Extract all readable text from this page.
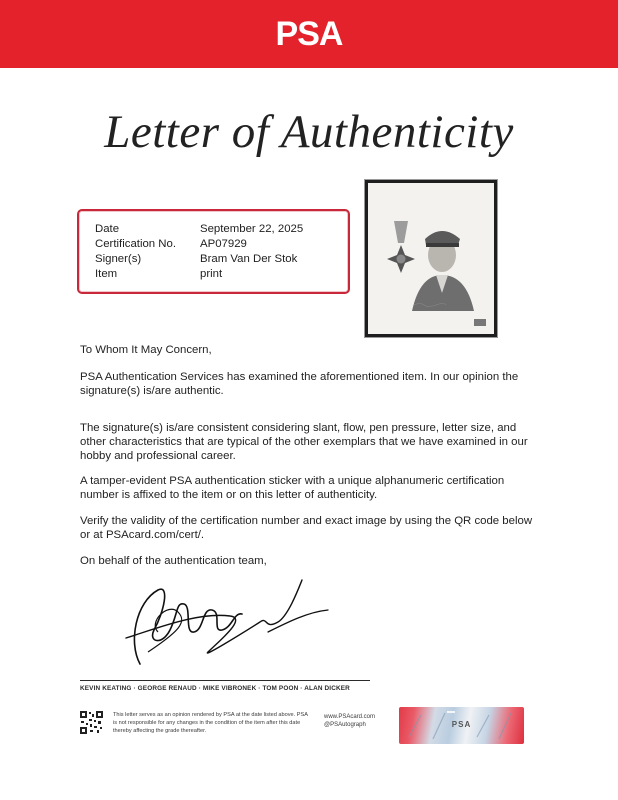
PSA
Letter of Authenticity
Date	September 22, 2025
Certification No.	AP07929
Signer(s)	Bram Van Der Stok
Item	print
To Whom It May Concern,
PSA Authentication Services has examined the aforementioned item. In our opinion the signature(s) is/are authentic.
The signature(s) is/are consistent considering slant, flow, pen pressure, letter size, and other characteristics that are typical of the other exemplars that we have examined in our hobby and professional career.
A tamper-evident PSA authentication sticker with a unique alphanumeric certification number is affixed to the item or on this letter of authenticity.
Verify the validity of the certification number and exact image by using the QR code below or at PSAcard.com/cert/.
On behalf of the authentication team,
KEVIN KEATING · GEORGE RENAUD · MIKE VIBRONEK · TOM POON · ALAN DICKER
This letter serves as an opinion rendered by PSA at the date listed above. PSA is not responsible for any changes in the condition of the item after this date thereby affecting the grade thereafter.
www.PSAcard.com
@PSAutograph	PSA
